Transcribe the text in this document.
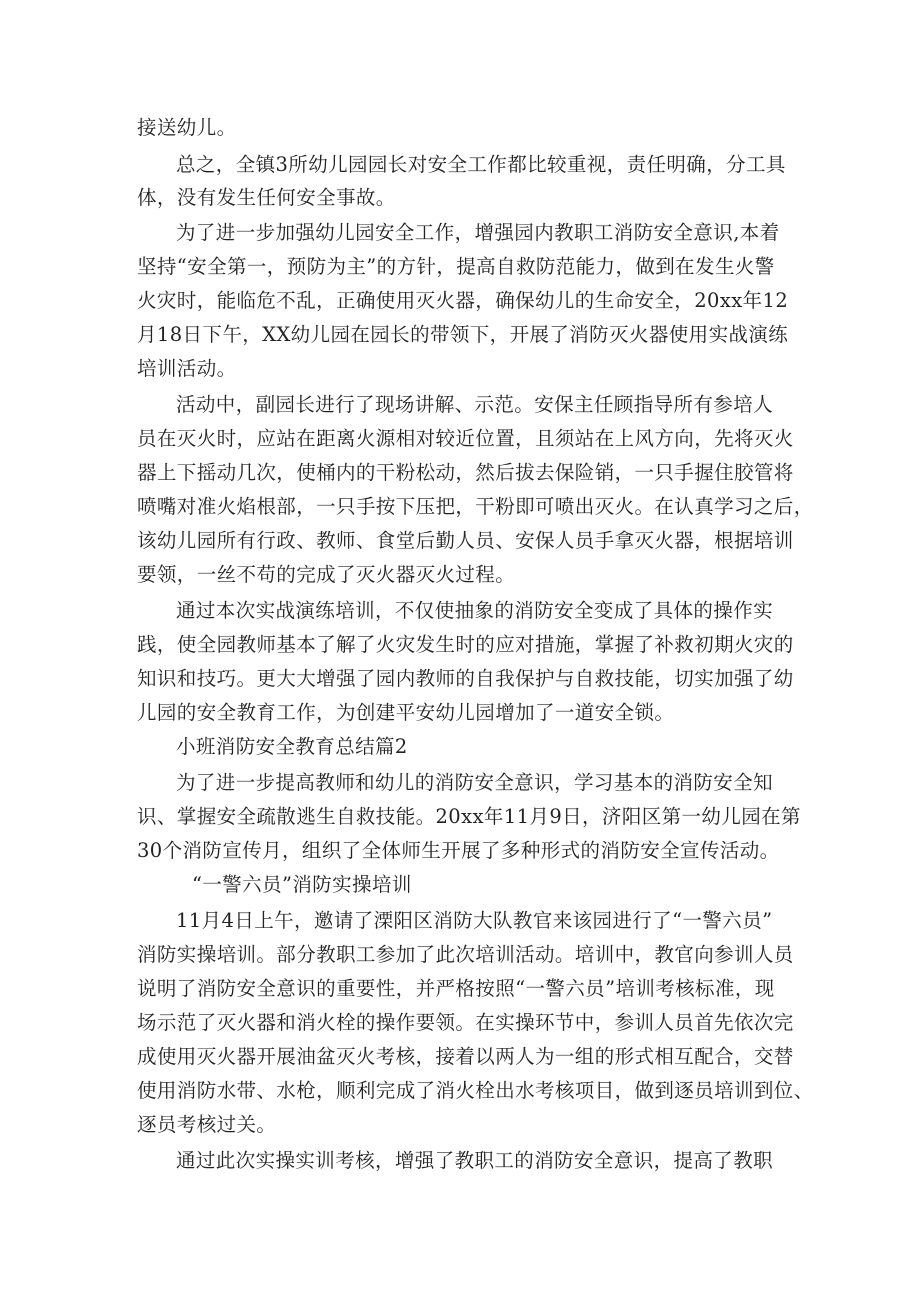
接送幼儿。

总之，全镇3所幼儿园园长对安全工作都比较重视，责任明确，分工具

体，没有发生任何安全事故。

为了进一步加强幼儿园安全工作，增强园内教职工消防安全意识,本着

坚持“安全第一，预防为主”的方针，提高自救防范能力，做到在发生火警

火灾时，能临危不乱，正确使用灭火器，确保幼儿的生命安全，20xx年12

月18日下午，XX幼儿园在园长的带领下，开展了消防灭火器使用实战演练

培训活动。

活动中，副园长进行了现场讲解、示范。安保主任顾指导所有参培人

员在灭火时，应站在距离火源相对较近位置，且须站在上风方向，先将灭火

器上下摇动几次，使桶内的干粉松动，然后拔去保险销，一只手握住胶管将

喷嘴对准火焰根部，一只手按下压把，干粉即可喷出灭火。在认真学习之后，

该幼儿园所有行政、教师、食堂后勤人员、安保人员手拿灭火器，根据培训

要领，一丝不苟的完成了灭火器灭火过程。

通过本次实战演练培训，不仅使抽象的消防安全变成了具体的操作实

践，使全园教师基本了解了火灾发生时的应对措施，掌握了补救初期火灾的

知识和技巧。更大大增强了园内教师的自我保护与自救技能，切实加强了幼

儿园的安全教育工作，为创建平安幼儿园增加了一道安全锁。

小班消防安全教育总结篇2

为了进一步提高教师和幼儿的消防安全意识，学习基本的消防安全知

识、掌握安全疏散逃生自救技能。20xx年11月9日，济阳区第一幼儿园在第

30个消防宣传月，组织了全体师生开展了多种形式的消防安全宣传活动。

“一警六员”消防实操培训

11月4日上午，邀请了溧阳区消防大队教官来该园进行了“一警六员”

消防实操培训。部分教职工参加了此次培训活动。培训中，教官向参训人员

说明了消防安全意识的重要性，并严格按照“一警六员”培训考核标准，现

场示范了灭火器和消火栓的操作要领。在实操环节中，参训人员首先依次完

成使用灭火器开展油盆灭火考核，接着以两人为一组的形式相互配合，交替

使用消防水带、水枪，顺利完成了消火栓出水考核项目，做到逐员培训到位、

逐员考核过关。

通过此次实操实训考核，增强了教职工的消防安全意识，提高了教职
